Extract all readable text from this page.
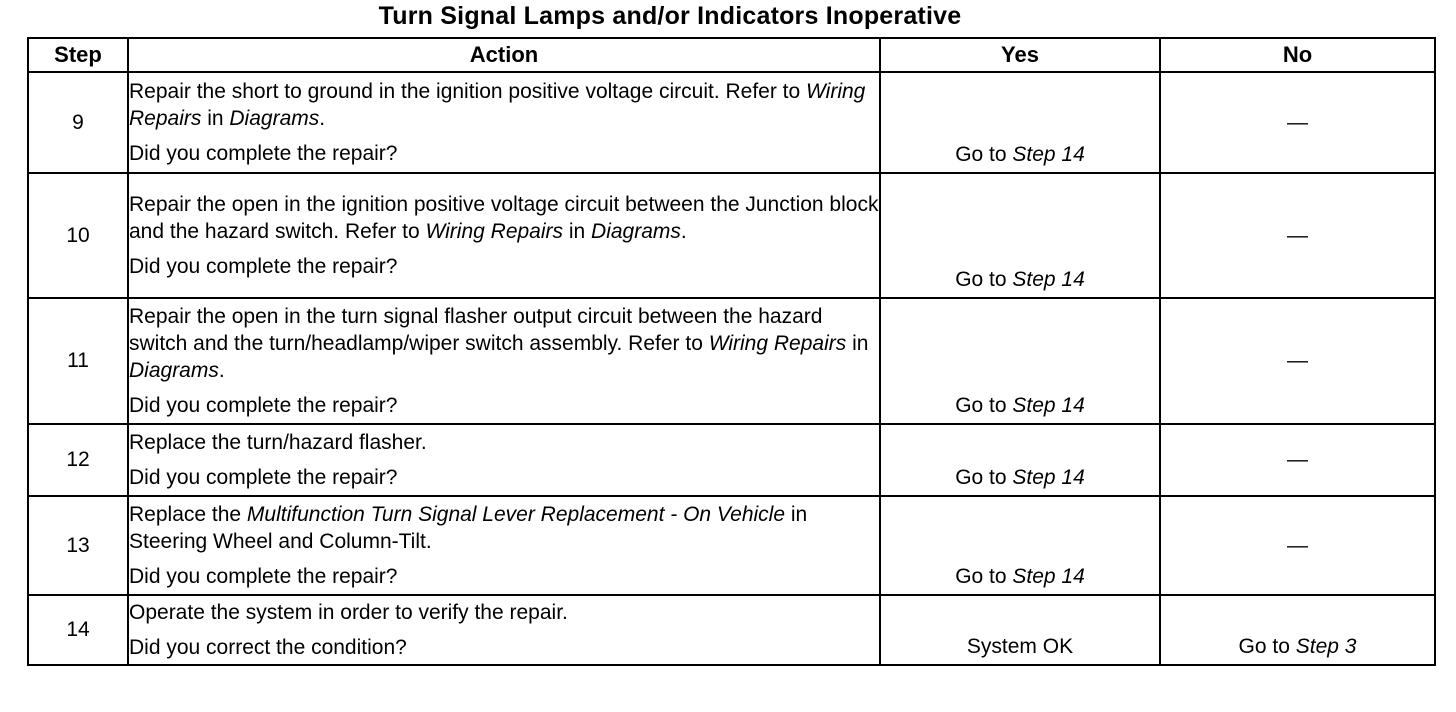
Turn Signal Lamps and/or Indicators Inoperative
Step	Action	Yes	No
9	Repair the short to ground in the ignition positive voltage circuit. Refer to Wiring Repairs in Diagrams.
Did you complete the repair?	Go to Step 14	—
10	Repair the open in the ignition positive voltage circuit between the Junction block and the hazard switch. Refer to Wiring Repairs in Diagrams.
Did you complete the repair?	Go to Step 14	—
11	Repair the open in the turn signal flasher output circuit between the hazard switch and the turn/headlamp/wiper switch assembly. Refer to Wiring Repairs in Diagrams.
Did you complete the repair?	Go to Step 14	—
12	Replace the turn/hazard flasher.
Did you complete the repair?	Go to Step 14	—
13	Replace the Multifunction Turn Signal Lever Replacement - On Vehicle in Steering Wheel and Column-Tilt.
Did you complete the repair?	Go to Step 14	—
14	Operate the system in order to verify the repair.
Did you correct the condition?	System OK	Go to Step 3
